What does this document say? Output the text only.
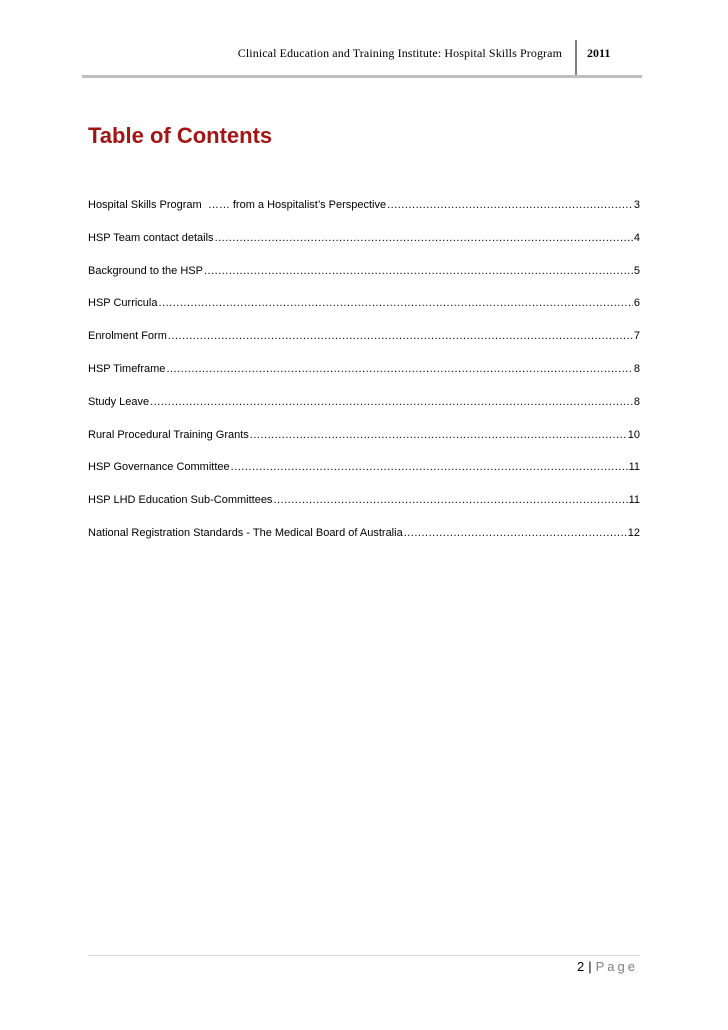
Clinical Education and Training Institute: Hospital Skills Program 2011
Table of Contents
Hospital Skills Program  …… from a Hospitalist’s Perspective .....	3
HSP Team contact details .....	4
Background to the HSP .....	5
HSP Curricula .....	6
Enrolment Form .....	7
HSP Timeframe .....	8
Study Leave .....	8
Rural Procedural Training Grants .....	10
HSP Governance Committee .....	11
HSP LHD Education Sub-Committees .....	11
National Registration Standards - The Medical Board of Australia .....	12
2 | Page
